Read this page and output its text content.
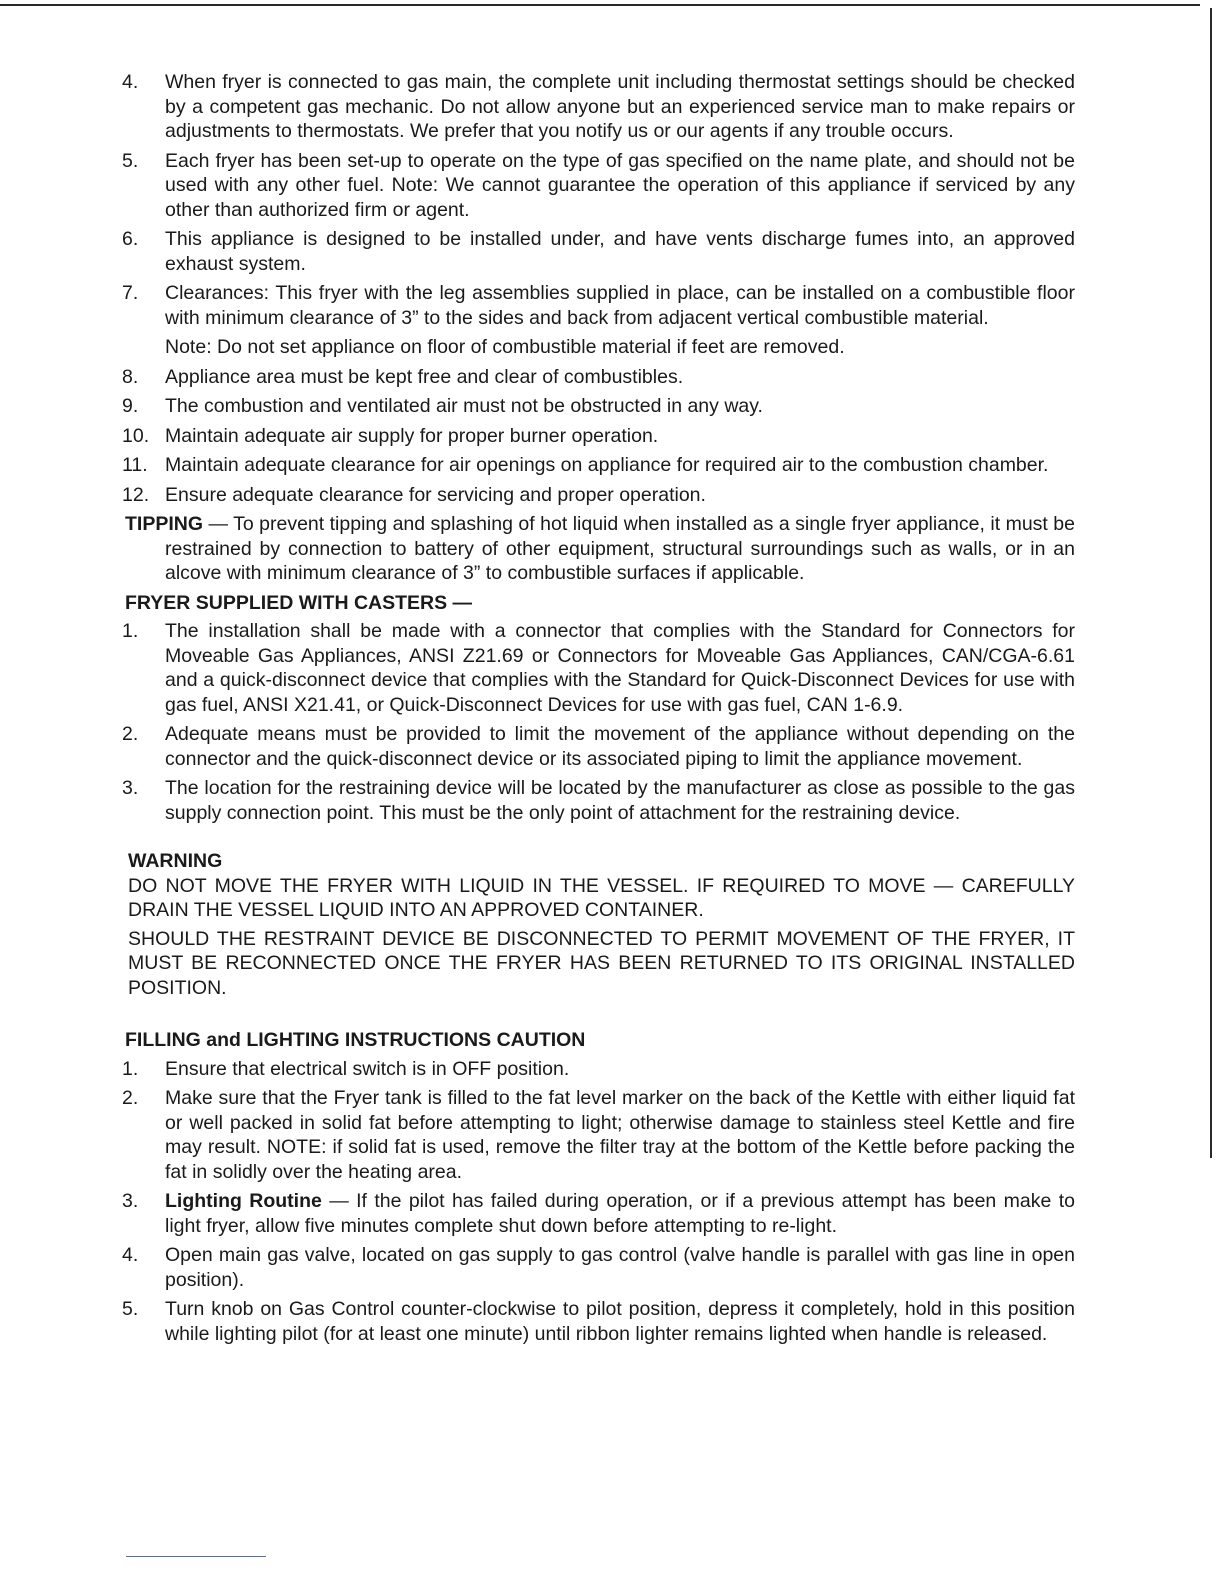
4.	When fryer is connected to gas main, the complete unit including thermostat settings should be checked by a competent gas mechanic. Do not allow anyone but an experienced service man to make repairs or adjustments to thermostats. We prefer that you notify us or our agents if any trouble occurs.
5.	Each fryer has been set-up to operate on the type of gas specified on the name plate, and should not be used with any other fuel. Note: We cannot guarantee the operation of this appliance if serviced by any other than authorized firm or agent.
6.	This appliance is designed to be installed under, and have vents discharge fumes into, an approved exhaust system.
7.	Clearances: This fryer with the leg assemblies supplied in place, can be installed on a combustible floor with minimum clearance of 3” to the sides and back from adjacent vertical combustible material.
Note: Do not set appliance on floor of combustible material if feet are removed.
8.	Appliance area must be kept free and clear of combustibles.
9.	The combustion and ventilated air must not be obstructed in any way.
10. Maintain adequate air supply for proper burner operation.
11. Maintain adequate clearance for air openings on appliance for required air to the combustion chamber.
12. Ensure adequate clearance for servicing and proper operation.
TIPPING — To prevent tipping and splashing of hot liquid when installed as a single fryer appliance, it must be restrained by connection to battery of other equipment, structural surroundings such as walls, or in an alcove with minimum clearance of 3” to combustible surfaces if applicable.
FRYER SUPPLIED WITH CASTERS —
1.	The installation shall be made with a connector that complies with the Standard for Connectors for Moveable Gas Appliances, ANSI Z21.69 or Connectors for Moveable Gas Appliances, CAN/CGA-6.61 and a quick-disconnect device that complies with the Standard for Quick-Disconnect Devices for use with gas fuel, ANSI X21.41, or Quick-Disconnect Devices for use with gas fuel, CAN 1-6.9.
2.	Adequate means must be provided to limit the movement of the appliance without depending on the connector and the quick-disconnect device or its associated piping to limit the appliance movement.
3.	The location for the restraining device will be located by the manufacturer as close as possible to the gas supply connection point. This must be the only point of attachment for the restraining device.
WARNING
DO NOT MOVE THE FRYER WITH LIQUID IN THE VESSEL. IF REQUIRED TO MOVE — CAREFULLY DRAIN THE VESSEL LIQUID INTO AN APPROVED CONTAINER.
SHOULD THE RESTRAINT DEVICE BE DISCONNECTED TO PERMIT MOVEMENT OF THE FRYER, IT MUST BE RECONNECTED ONCE THE FRYER HAS BEEN RETURNED TO ITS ORIGINAL INSTALLED POSITION.
FILLING and LIGHTING INSTRUCTIONS CAUTION
1.	Ensure that electrical switch is in OFF position.
2.	Make sure that the Fryer tank is filled to the fat level marker on the back of the Kettle with either liquid fat or well packed in solid fat before attempting to light; otherwise damage to stainless steel Kettle and fire may result. NOTE: if solid fat is used, remove the filter tray at the bottom of the Kettle before packing the fat in solidly over the heating area.
3.	Lighting Routine — If the pilot has failed during operation, or if a previous attempt has been make to light fryer, allow five minutes complete shut down before attempting to re-light.
4.	Open main gas valve, located on gas supply to gas control (valve handle is parallel with gas line in open position).
5.	Turn knob on Gas Control counter-clockwise to pilot position, depress it completely, hold in this position while lighting pilot (for at least one minute) until ribbon lighter remains lighted when handle is released.
